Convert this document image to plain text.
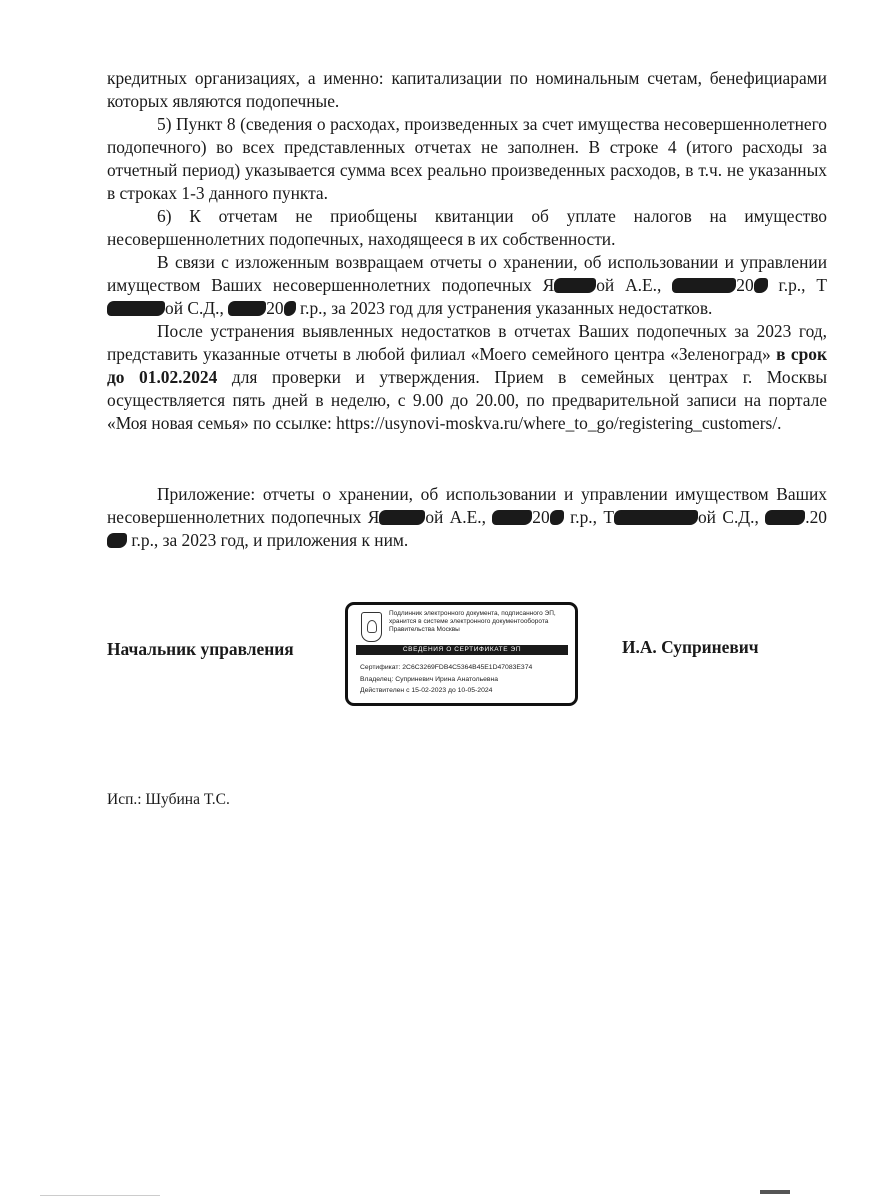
кредитных организациях, а именно: капитализации по номинальным счетам, бенефициарами которых являются подопечные.

5) Пункт 8 (сведения о расходах, произведенных за счет имущества несовершеннолетнего подопечного) во всех представленных отчетах не заполнен. В строке 4 (итого расходы за отчетный период) указывается сумма всех реально произведенных расходов, в т.ч. не указанных в строках 1-3 данного пункта.

6) К отчетам не приобщены квитанции об уплате налогов на имущество несовершеннолетних подопечных, находящееся в их собственности.

В связи с изложенным возвращаем отчеты о хранении, об использовании и управлении имуществом Ваших несовершеннолетних подопечных Я ой А.Е.,	20 г.р., Той С.Д., 20 г.р., за 2023 год для устранения указанных недостатков.

После устранения выявленных недостатков в отчетах Ваших подопечных за 2023 год, представить указанные отчеты в любой филиал «Моего семейного центра «Зеленоград» в срок до 01.02.2024 для проверки и утверждения. Прием в семейных центрах г. Москвы осуществляется пять дней в неделю, с 9.00 до 20.00, по предварительной записи на портале «Моя новая семья» по ссылке: https://usynovi-moskva.ru/where_to_go/registering_customers/.

Приложение: отчеты о хранении, об использовании и управлении имуществом Ваших несовершеннолетних подопечных Я	ой А.Е.,	20 г.р., Т	ой С.Д.,	.20 г.р., за 2023 год, и приложения к ним.

Начальник управления
Подлинник электронного документа, подписанного ЭП, хранится в системе электронного документооборота Правительства Москвы
СВЕДЕНИЯ О СЕРТИФИКАТЕ ЭП
Сертификат: 2C6C3269FDB4C5364B45E1D47083E374
Владелец: Суприневич Ирина Анатольевна
Действителен с 15-02-2023 до 10-05-2024
И.А. Суприневич
Исп.: Шубина Т.С.
